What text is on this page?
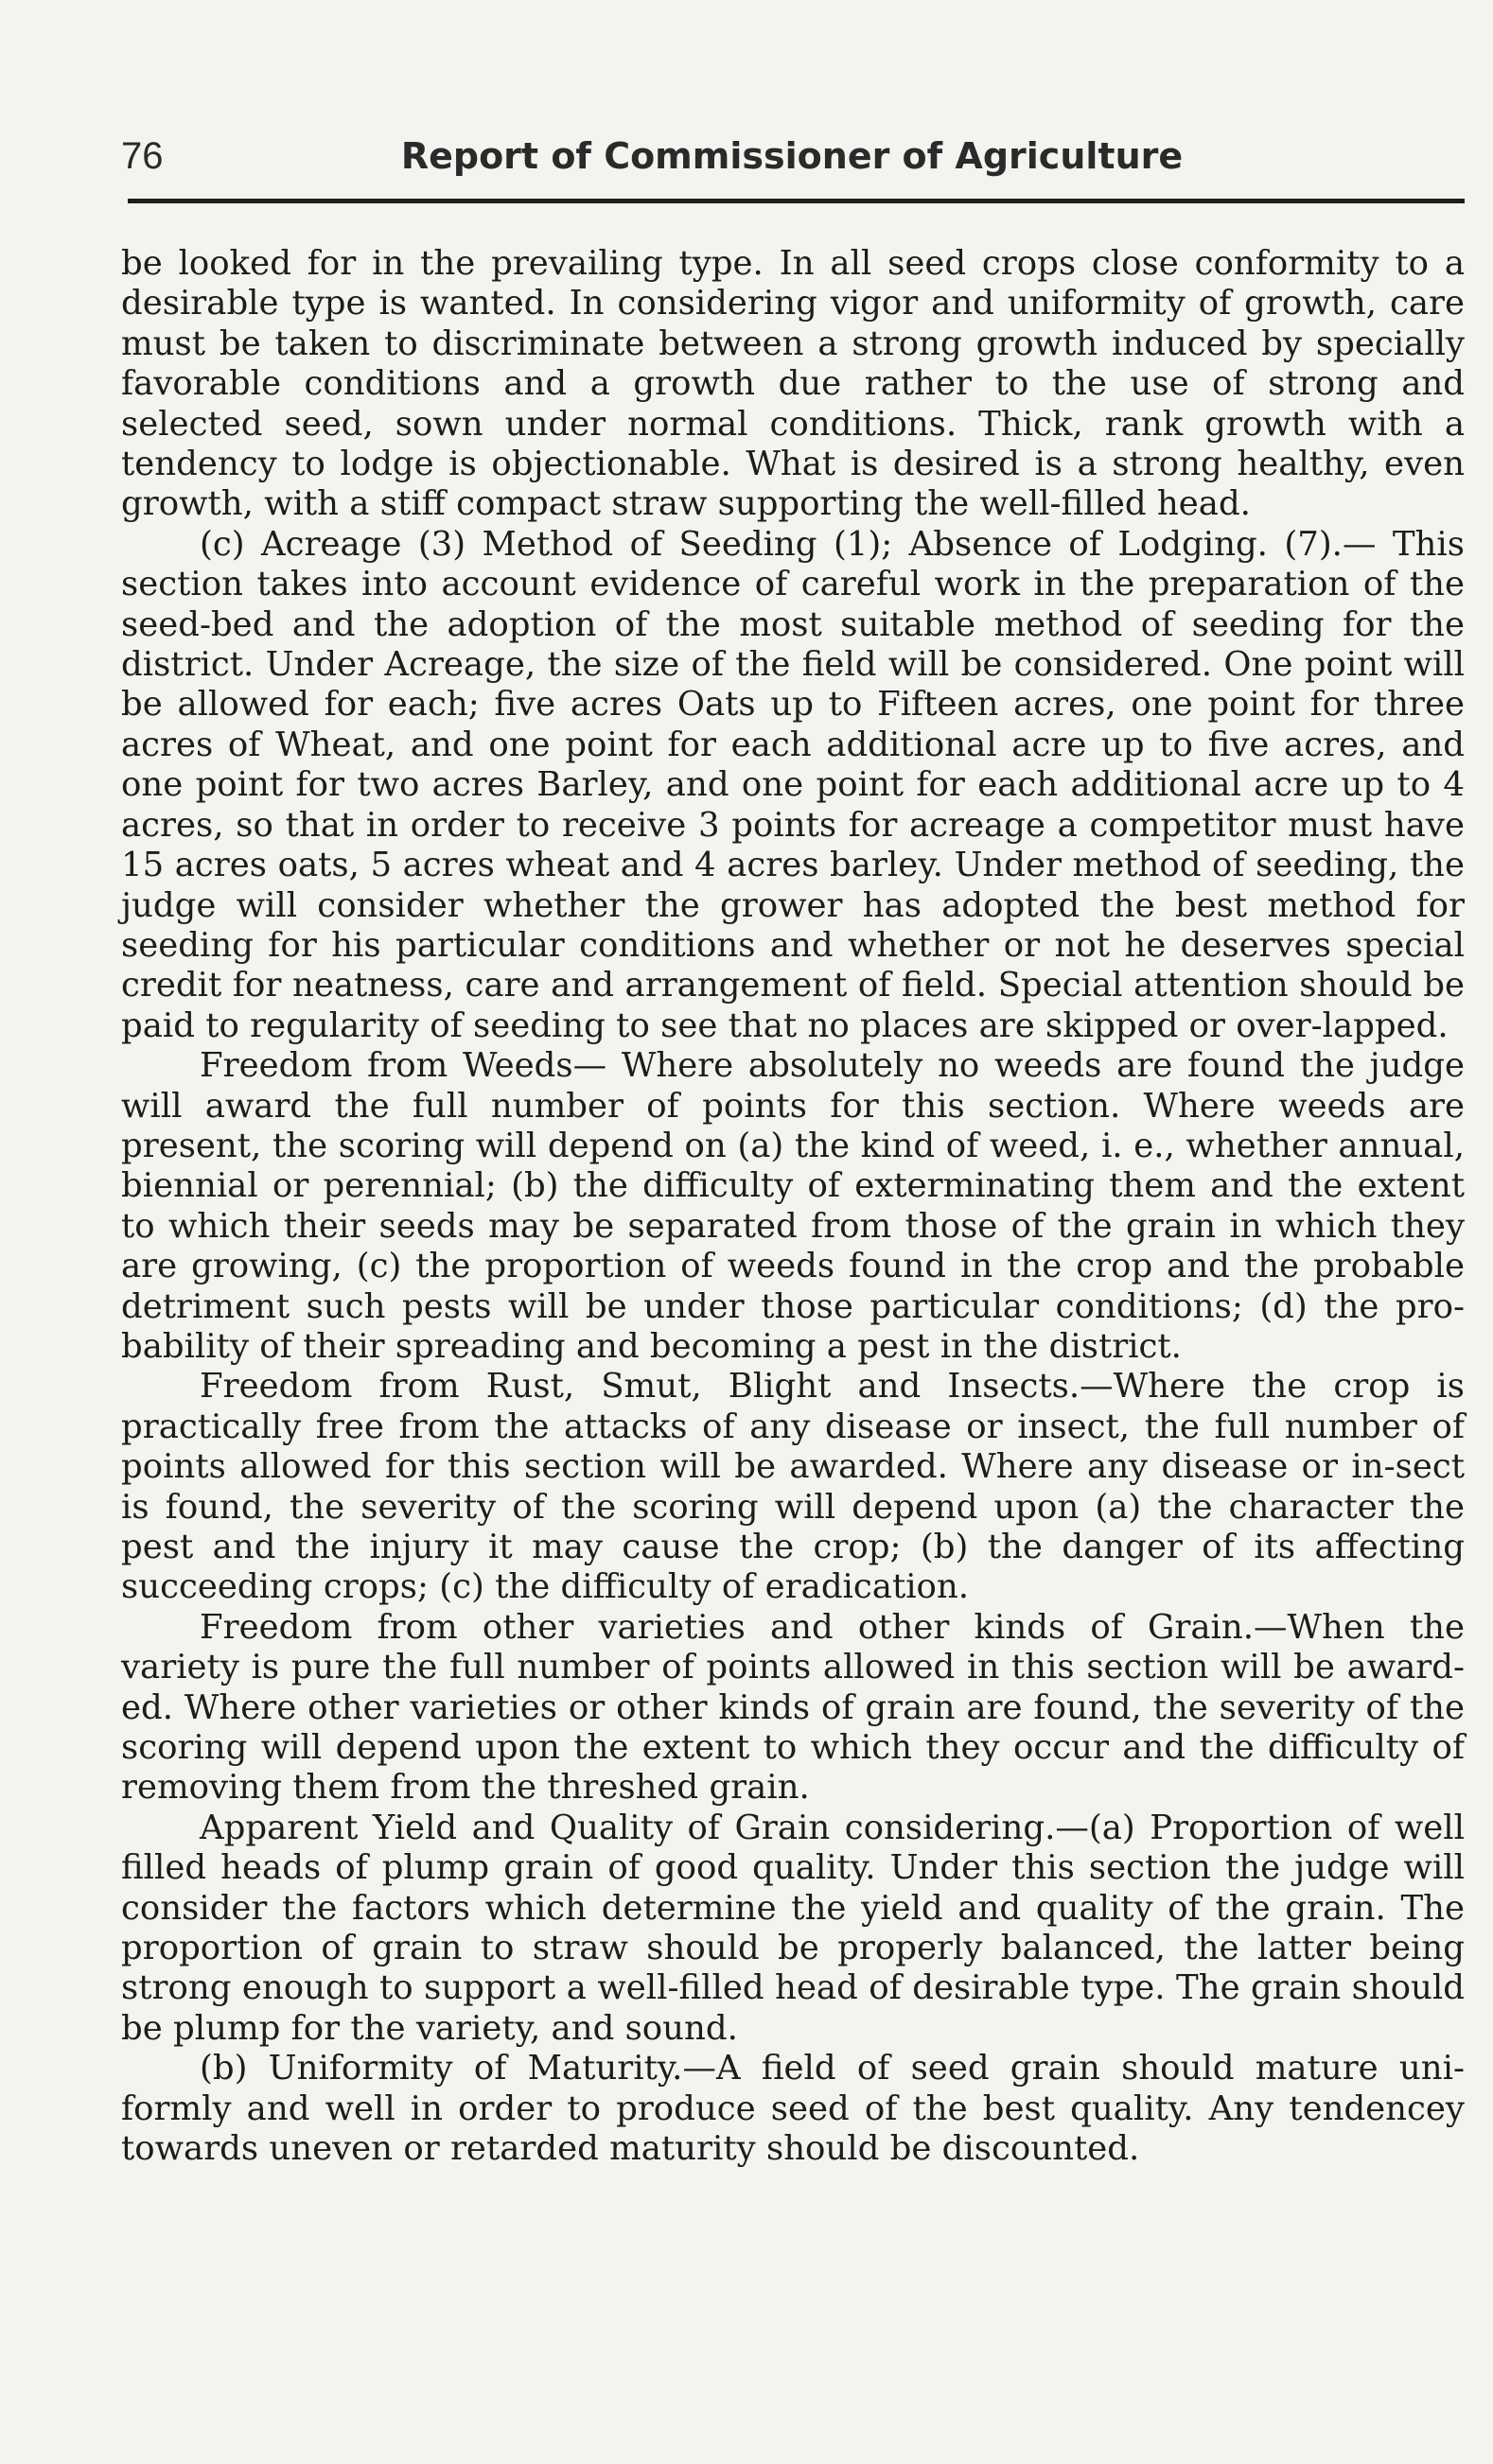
76	Report of Commissioner of Agriculture

be looked for in the prevailing type. In all seed crops close conformity to a desirable type is wanted. In considering vigor and uniformity of growth, care must be taken to discriminate between a strong growth induced by specially favorable conditions and a growth due rather to the use of strong and selected seed, sown under normal conditions. Thick, rank growth with a tendency to lodge is objectionable. What is desired is a strong healthy, even growth, with a stiff compact straw supporting the well-filled head.

(c) Acreage (3) Method of Seeding (1); Absence of Lodging. (7).— This section takes into account evidence of careful work in the preparation of the seed-bed and the adoption of the most suitable method of seeding for the district. Under Acreage, the size of the field will be considered. One point will be allowed for each; five acres Oats up to Fifteen acres, one point for three acres of Wheat, and one point for each additional acre up to five acres, and one point for two acres Barley, and one point for each additional acre up to 4 acres, so that in order to receive 3 points for acreage a competitor must have 15 acres oats, 5 acres wheat and 4 acres barley. Under method of seeding, the judge will consider whether the grower has adopted the best method for seeding for his particular conditions and whether or not he deserves special credit for neatness, care and arrangement of field. Special attention should be paid to regularity of seeding to see that no places are skipped or over-lapped.

Freedom from Weeds— Where absolutely no weeds are found the judge will award the full number of points for this section. Where weeds are present, the scoring will depend on (a) the kind of weed, i. e., whether annual, biennial or perennial; (b) the difficulty of exterminating them and the extent to which their seeds may be separated from those of the grain in which they are growing, (c) the proportion of weeds found in the crop and the probable detriment such pests will be under those particular conditions; (d) the pro-bability of their spreading and becoming a pest in the district.

Freedom from Rust, Smut, Blight and Insects.—Where the crop is practically free from the attacks of any disease or insect, the full number of points allowed for this section will be awarded. Where any disease or in-sect is found, the severity of the scoring will depend upon (a) the character the pest and the injury it may cause the crop; (b) the danger of its affecting succeeding crops; (c) the difficulty of eradication.

Freedom from other varieties and other kinds of Grain.—When the variety is pure the full number of points allowed in this section will be award-ed. Where other varieties or other kinds of grain are found, the severity of the scoring will depend upon the extent to which they occur and the difficulty of removing them from the threshed grain.

Apparent Yield and Quality of Grain considering.—(a) Proportion of well filled heads of plump grain of good quality. Under this section the judge will consider the factors which determine the yield and quality of the grain. The proportion of grain to straw should be properly balanced, the latter being strong enough to support a well-filled head of desirable type. The grain should be plump for the variety, and sound.

(b) Uniformity of Maturity.—A field of seed grain should mature uni-formly and well in order to produce seed of the best quality. Any tendencey towards uneven or retarded maturity should be discounted.
